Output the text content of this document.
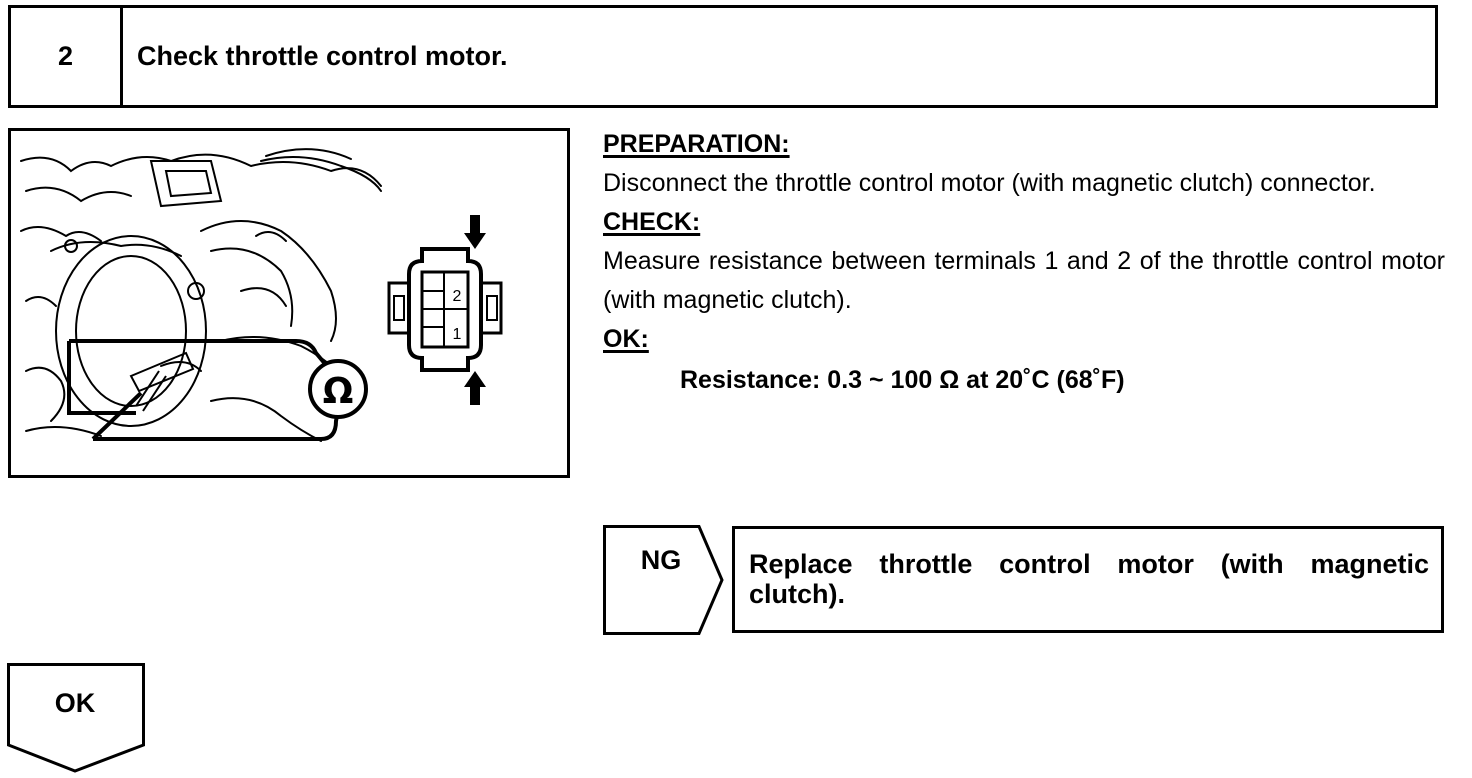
2	Check throttle control motor.
Ω
2
1
PREPARATION:
Disconnect the throttle control motor (with magnetic clutch) connector.
CHECK:
Measure resistance between terminals 1 and 2 of the throttle control motor (with magnetic clutch).
OK:
Resistance: 0.3 ~ 100 Ω at 20˚C (68˚F)
NG	Replace throttle control motor (with magnetic clutch).
OK
